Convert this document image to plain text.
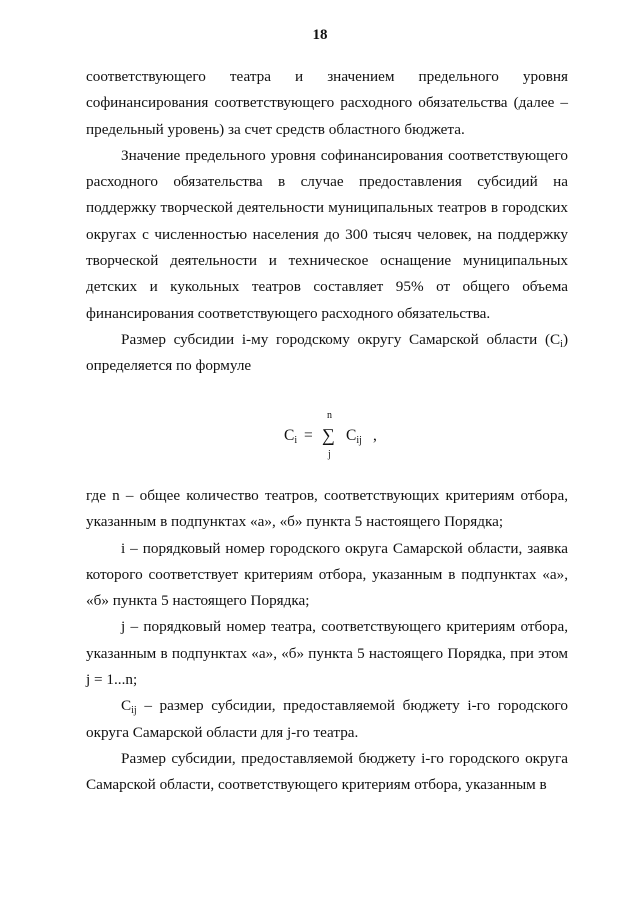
18

соответствующего театра и значением предельного уровня софинансирования соответствующего расходного обязательства (далее – предельный уровень) за счет средств областного бюджета.

Значение предельного уровня софинансирования соответствующего расходного обязательства в случае предоставления субсидий на поддержку творческой деятельности муниципальных театров в городских округах с численностью населения до 300 тысяч человек, на поддержку творческой деятельности и техническое оснащение муниципальных детских и кукольных театров составляет 95% от общего объема финансирования соответствующего расходного обязательства.

Размер субсидии i-му городскому округу Самарской области $(C_i)$ определяется по формуле

$C_i$ =
n
∑
j
$C_{ij}$ ,

где n – общее количество театров, соответствующих критериям отбора, указанным в подпунктах «а», «б» пункта 5 настоящего Порядка;

i – порядковый номер городского округа Самарской области, заявка которого соответствует критериям отбора, указанным в подпунктах «а», «б» пункта 5 настоящего Порядка;

j – порядковый номер театра, соответствующего критериям отбора, указанным в подпунктах «а», «б» пункта 5 настоящего Порядка, при этом j = 1...n;

$C_{ij}$ – размер субсидии, предоставляемой бюджету i-го городского округа Самарской области для j-го театра.

Размер субсидии, предоставляемой бюджету i-го городского округа Самарской области, соответствующего критериям отбора, указанным в
